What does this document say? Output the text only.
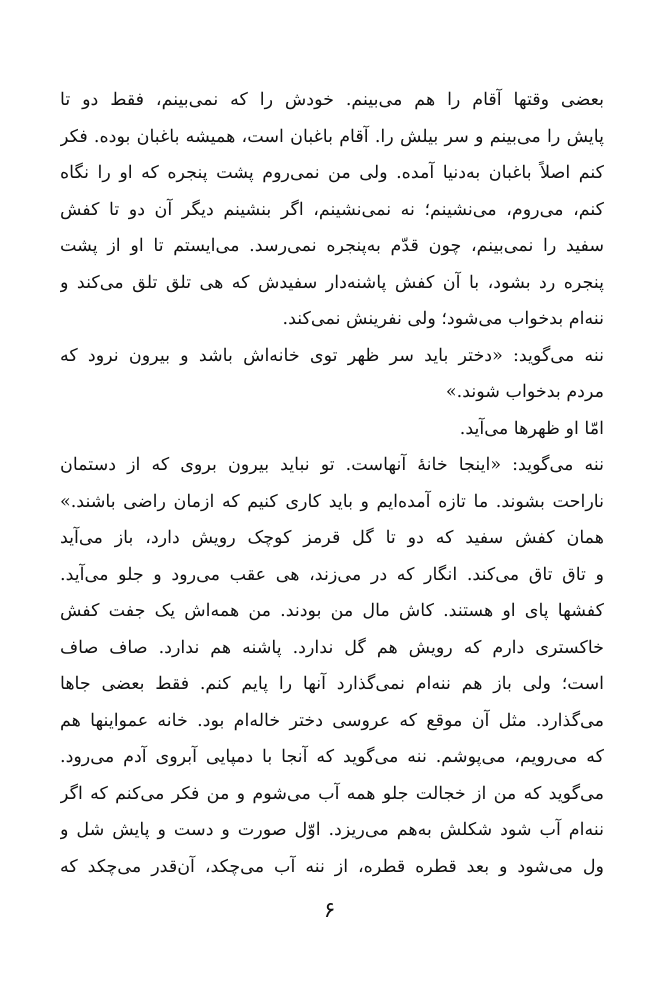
بعضی وقتها آقام را هم می‌بینم. خودش را که نمی‌بینم، فقط دو تا
پایش را می‌بینم و سر بیلش را. آقام باغبان است، همیشه باغبان بوده. فکر
کنم اصلاً باغبان به‌دنیا آمده. ولی من نمی‌روم پشت پنجره که او را نگاه
کنم، می‌روم، می‌نشینم؛ نه نمی‌نشینم، اگر بنشینم دیگر آن دو تا کفش
سفید را نمی‌بینم، چون قدّم به‌پنجره نمی‌رسد. می‌ایستم تا او از پشت
پنجره رد بشود، با آن کفش پاشنه‌دار سفیدش که هی تلق تلق می‌کند و
ننه‌ام بدخواب می‌شود؛ ولی نفرینش نمی‌کند.
ننه می‌گوید: «دختر باید سر ظهر توی خانه‌اش باشد و بیرون نرود که
مردم بدخواب شوند.»
امّا او ظهرها می‌آید.
ننه می‌گوید: «اینجا خانهٔ آنهاست. تو نباید بیرون بروی که از دستمان
ناراحت بشوند. ما تازه آمده‌ایم و باید کاری کنیم که از‌مان راضی باشند.»
همان کفش سفید که دو تا گل قرمز کوچک رویش دارد، باز می‌آید
و تاق تاق می‌کند. انگار که در می‌زند، هی عقب می‌رود و جلو می‌آید.
کفشها پای او هستند. کاش مال من بودند. من همه‌اش یک جفت کفش
خاکستری دارم که رویش هم گل ندارد. پاشنه هم ندارد. صاف صاف
است؛ ولی باز هم ننه‌ام نمی‌گذارد آنها را پایم کنم. فقط بعضی جاها
می‌گذارد. مثل آن موقع که عروسی دختر خاله‌ام بود. خانه عمواینها هم
که می‌رویم، می‌پوشم. ننه می‌گوید که آنجا با دمپایی آبروی آدم می‌رود.
می‌گوید که من از خجالت جلو همه آب می‌شوم و من فکر می‌کنم که اگر
ننه‌ام آب شود شکلش به‌هم می‌ریزد. اوّل صورت و دست و پایش شل و
ول می‌شود و بعد قطره قطره، از ننه آب می‌چکد، آن‌قدر می‌چکد که
۶
